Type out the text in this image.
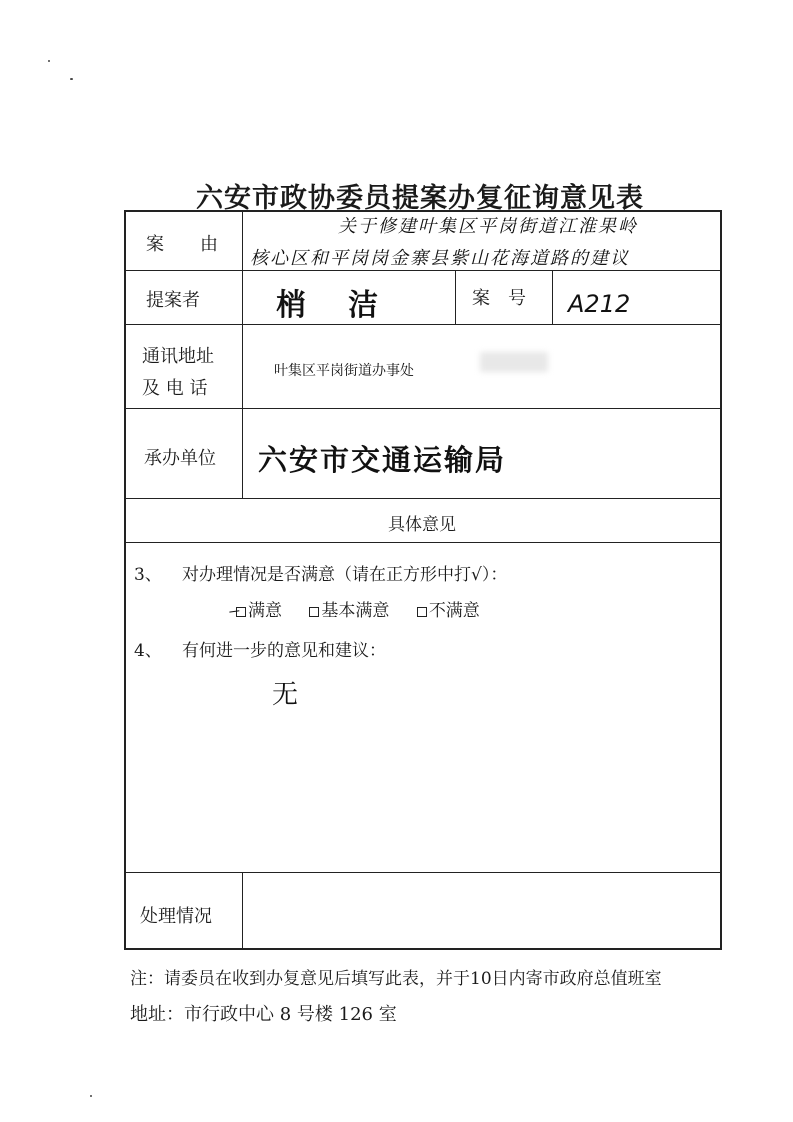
六安市政协委员提案办复征询意见表
案　　由
关于修建叶集区平岗街道江淮果岭
核心区和平岗岗金寨县紫山花海道路的建议
提案者	梢　洁	案　号 A212
通讯地址
及 电 话
叶集区平岗街道办事处
承办单位 六安市交通运输局
具体意见
3、 对办理情况是否满意（请在正方形中打√）：
满意 基本满意 不满意
4、 有何进一步的意见和建议：
无
处理情况
注：请委员在收到办复意见后填写此表，并于10日内寄市政府总值班室
地址：市行政中心 8 号楼 126 室
